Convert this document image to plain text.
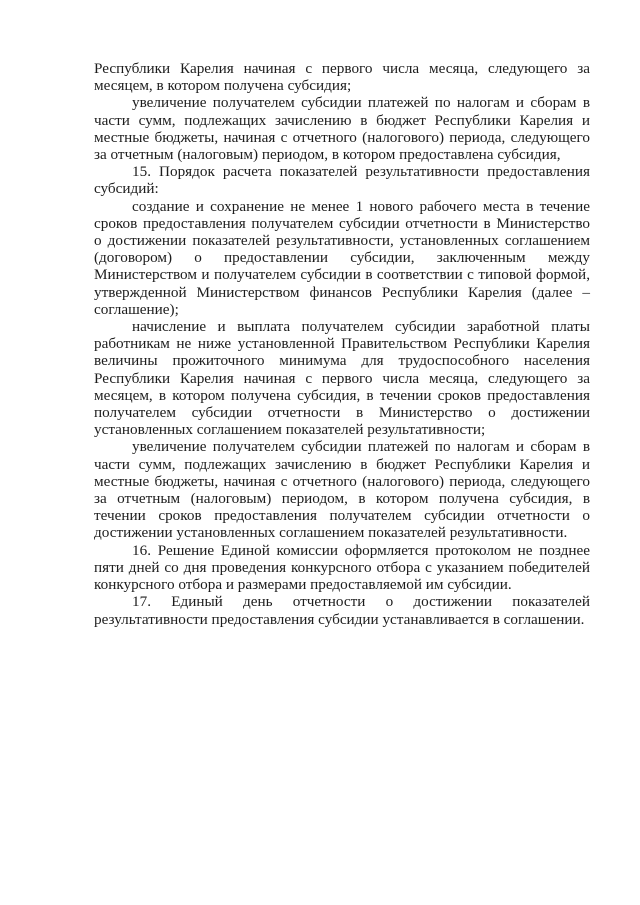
Республики Карелия начиная с первого числа месяца, следующего за месяцем, в котором получена субсидия;

увеличение получателем субсидии платежей по налогам и сборам в части сумм, подлежащих зачислению в бюджет Республики Карелия и местные бюджеты, начиная с отчетного (налогового) периода, следующего за отчетным (налоговым) периодом, в котором предоставлена субсидия,

15. Порядок расчета показателей результативности предоставления субсидий:

создание и сохранение не менее 1 нового рабочего места в течение сроков предоставления получателем субсидии отчетности в Министерство о достижении показателей результативности, установленных соглашением (договором) о предоставлении субсидии, заключенным между Министерством и получателем субсидии в соответствии с типовой формой, утвержденной Министерством финансов Республики Карелия (далее – соглашение);

начисление и выплата получателем субсидии заработной платы работникам не ниже установленной Правительством Республики Карелия величины прожиточного минимума для трудоспособного населения Республики Карелия начиная с первого числа месяца, следующего за месяцем, в котором получена субсидия, в течении сроков предоставления получателем субсидии отчетности в Министерство о достижении установленных соглашением показателей результативности;

увеличение получателем субсидии платежей по налогам и сборам в части сумм, подлежащих зачислению в бюджет Республики Карелия и местные бюджеты, начиная с отчетного (налогового) периода, следующего за отчетным (налоговым) периодом, в котором получена субсидия, в течении сроков предоставления получателем субсидии отчетности о достижении установленных соглашением показателей результативности.

16. Решение Единой комиссии оформляется протоколом не позднее пяти дней со дня проведения конкурсного отбора с указанием победителей конкурсного отбора и размерами предоставляемой им субсидии.

17. Единый день отчетности о достижении показателей результативности предоставления субсидии устанавливается в соглашении.
